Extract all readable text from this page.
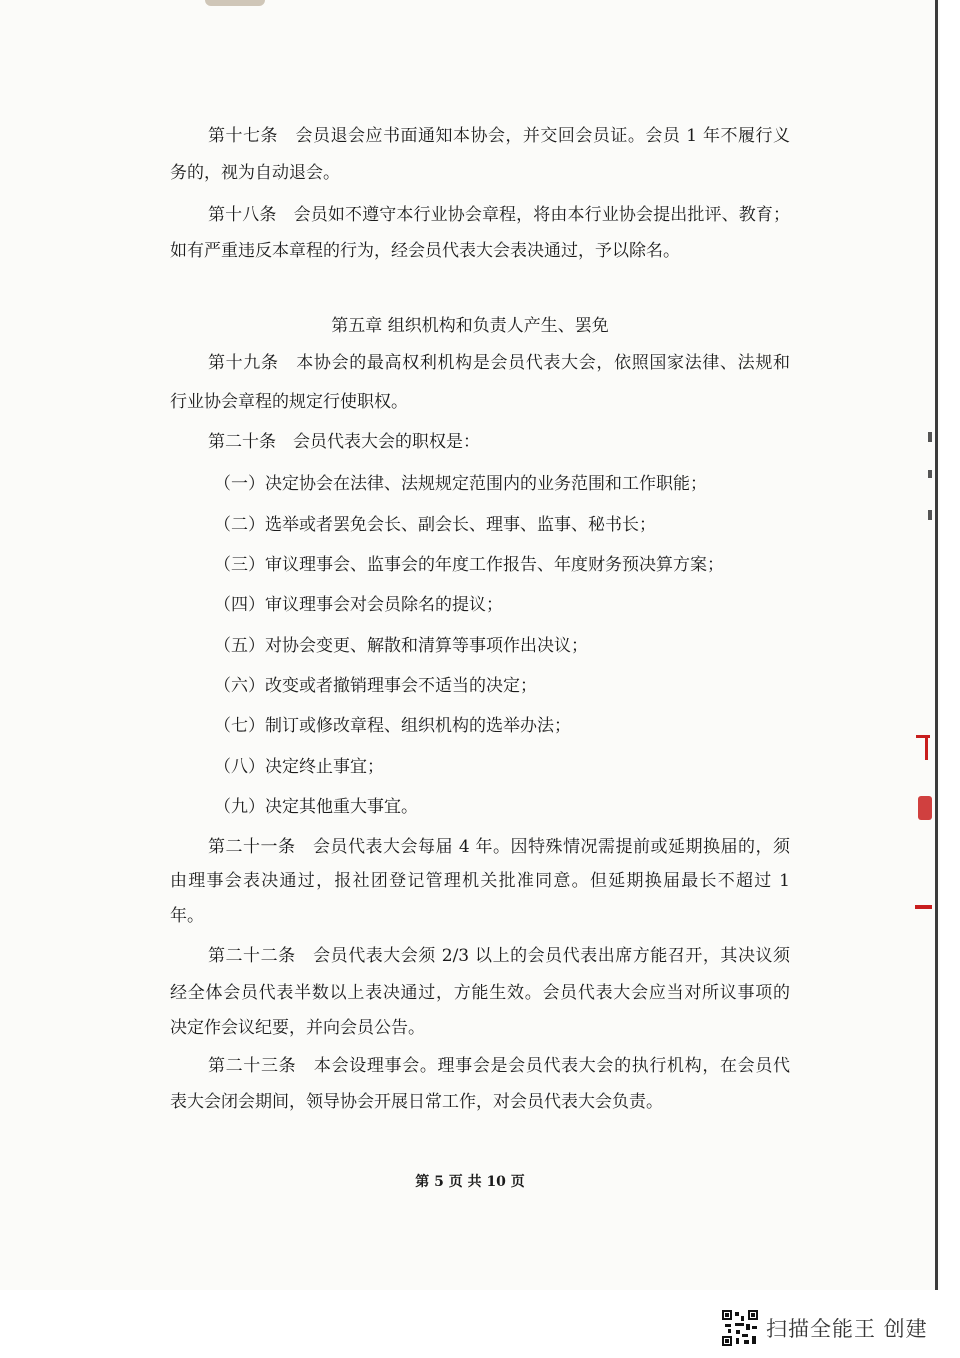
第十七条　会员退会应书面通知本协会，并交回会员证。会员 1 年不履行义
务的，视为自动退会。
第十八条　会员如不遵守本行业协会章程，将由本行业协会提出批评、教育；
如有严重违反本章程的行为，经会员代表大会表决通过，予以除名。
第五章 组织机构和负责人产生、罢免
第十九条　本协会的最高权利机构是会员代表大会，依照国家法律、法规和
行业协会章程的规定行使职权。
第二十条　会员代表大会的职权是：
（一）决定协会在法律、法规规定范围内的业务范围和工作职能；
（二）选举或者罢免会长、副会长、理事、监事、秘书长；
（三）审议理事会、监事会的年度工作报告、年度财务预决算方案；
（四）审议理事会对会员除名的提议；
（五）对协会变更、解散和清算等事项作出决议；
（六）改变或者撤销理事会不适当的决定；
（七）制订或修改章程、组织机构的选举办法；
（八）决定终止事宜；
（九）决定其他重大事宜。
第二十一条　会员代表大会每届 4 年。因特殊情况需提前或延期换届的，须
由理事会表决通过，报社团登记管理机关批准同意。但延期换届最长不超过 1
年。
第二十二条　会员代表大会须 2/3 以上的会员代表出席方能召开，其决议须
经全体会员代表半数以上表决通过，方能生效。会员代表大会应当对所议事项的
决定作会议纪要，并向会员公告。
第二十三条　本会设理事会。理事会是会员代表大会的执行机构，在会员代
表大会闭会期间，领导协会开展日常工作，对会员代表大会负责。
第 5 页 共 10 页
扫描全能王 创建
